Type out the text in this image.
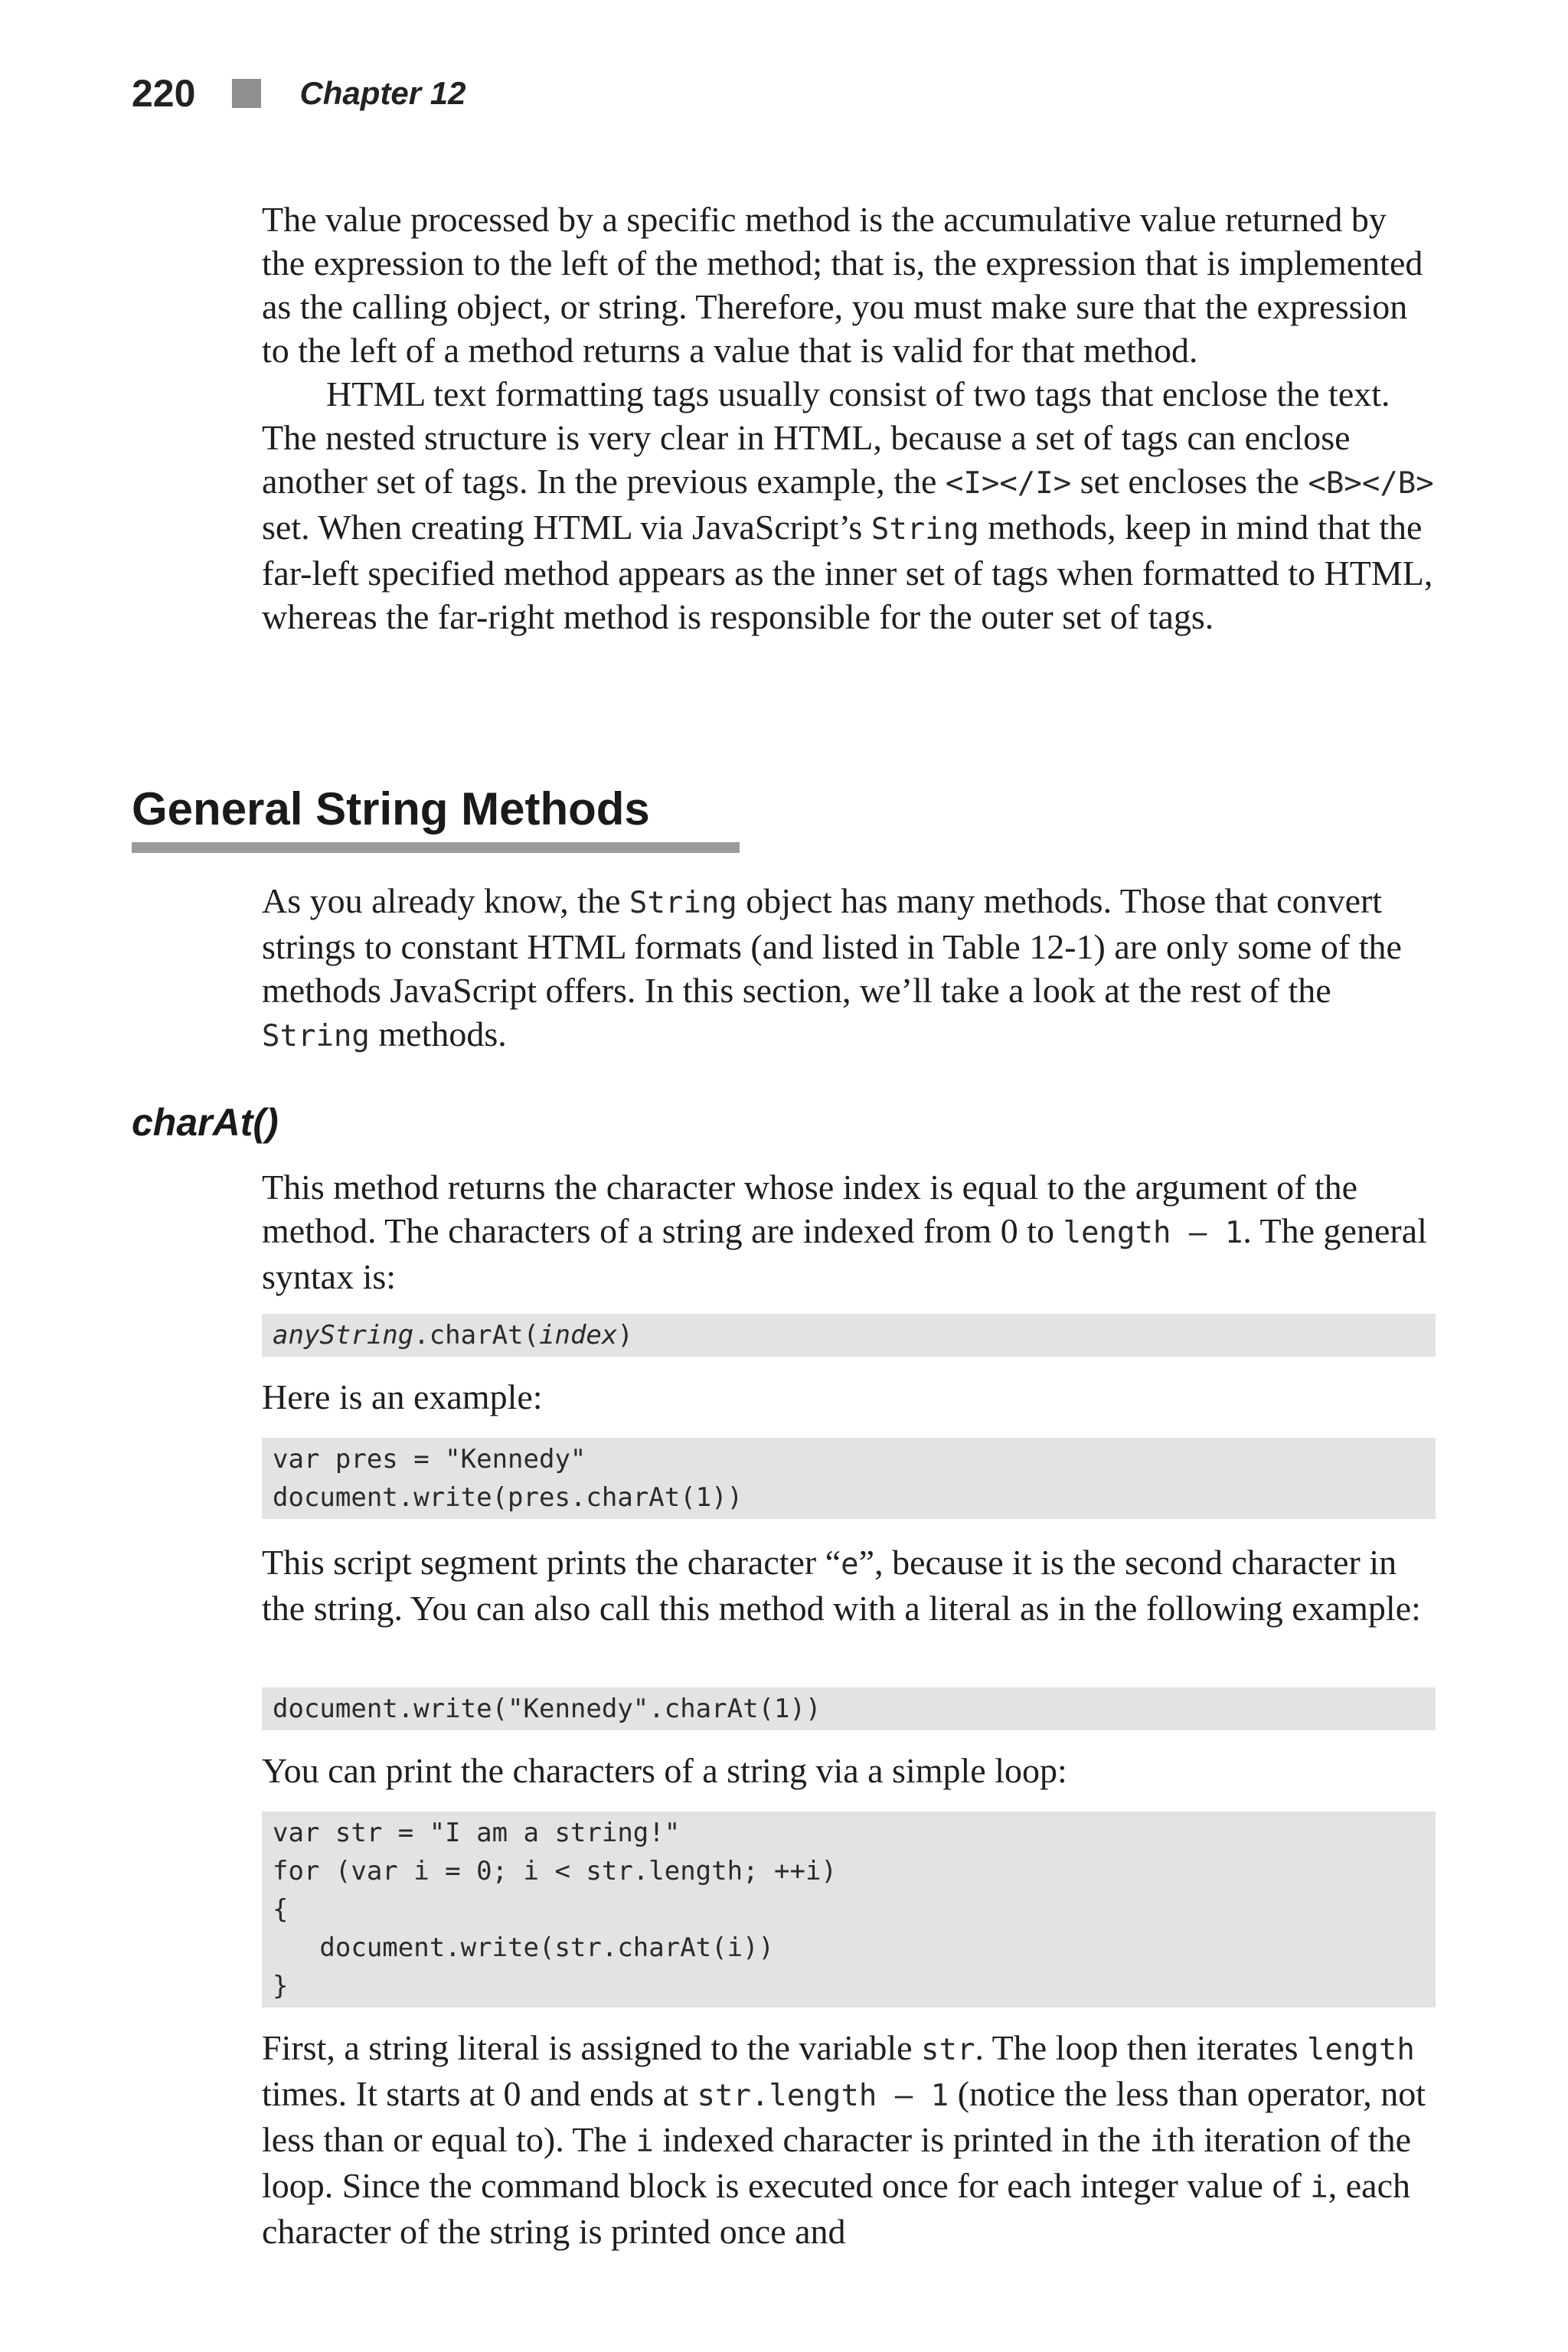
220	Chapter 12

The value processed by a specific method is the accumulative value returned by the expression to the left of the method; that is, the expression that is implemented as the calling object, or string. Therefore, you must make sure that the expression to the left of a method returns a value that is valid for that method.

HTML text formatting tags usually consist of two tags that enclose the text. The nested structure is very clear in HTML, because a set of tags can enclose another set of tags. In the previous example, the <I></I> set encloses the <B></B> set. When creating HTML via JavaScript’s String methods, keep in mind that the far-left specified method appears as the inner set of tags when formatted to HTML, whereas the far-right method is responsible for the outer set of tags.

General String Methods

As you already know, the String object has many methods. Those that convert strings to constant HTML formats (and listed in Table 12-1) are only some of the methods JavaScript offers. In this section, we’ll take a look at the rest of the String methods.

charAt()

This method returns the character whose index is equal to the argument of the method. The characters of a string are indexed from 0 to length – 1. The general syntax is:

anyString.charAt(index)

Here is an example:

var pres = "Kennedy"
document.write(pres.charAt(1))

This script segment prints the character “e”, because it is the second character in the string. You can also call this method with a literal as in the following example:

document.write("Kennedy".charAt(1))

You can print the characters of a string via a simple loop:

var str = "I am a string!"
for (var i = 0; i < str.length; ++i)
{
document.write(str.charAt(i))
}

First, a string literal is assigned to the variable str. The loop then iterates length times. It starts at 0 and ends at str.length – 1 (notice the less than operator, not less than or equal to). The i indexed character is printed in the ith iteration of the loop. Since the command block is executed once for each integer value of i, each character of the string is printed once and
